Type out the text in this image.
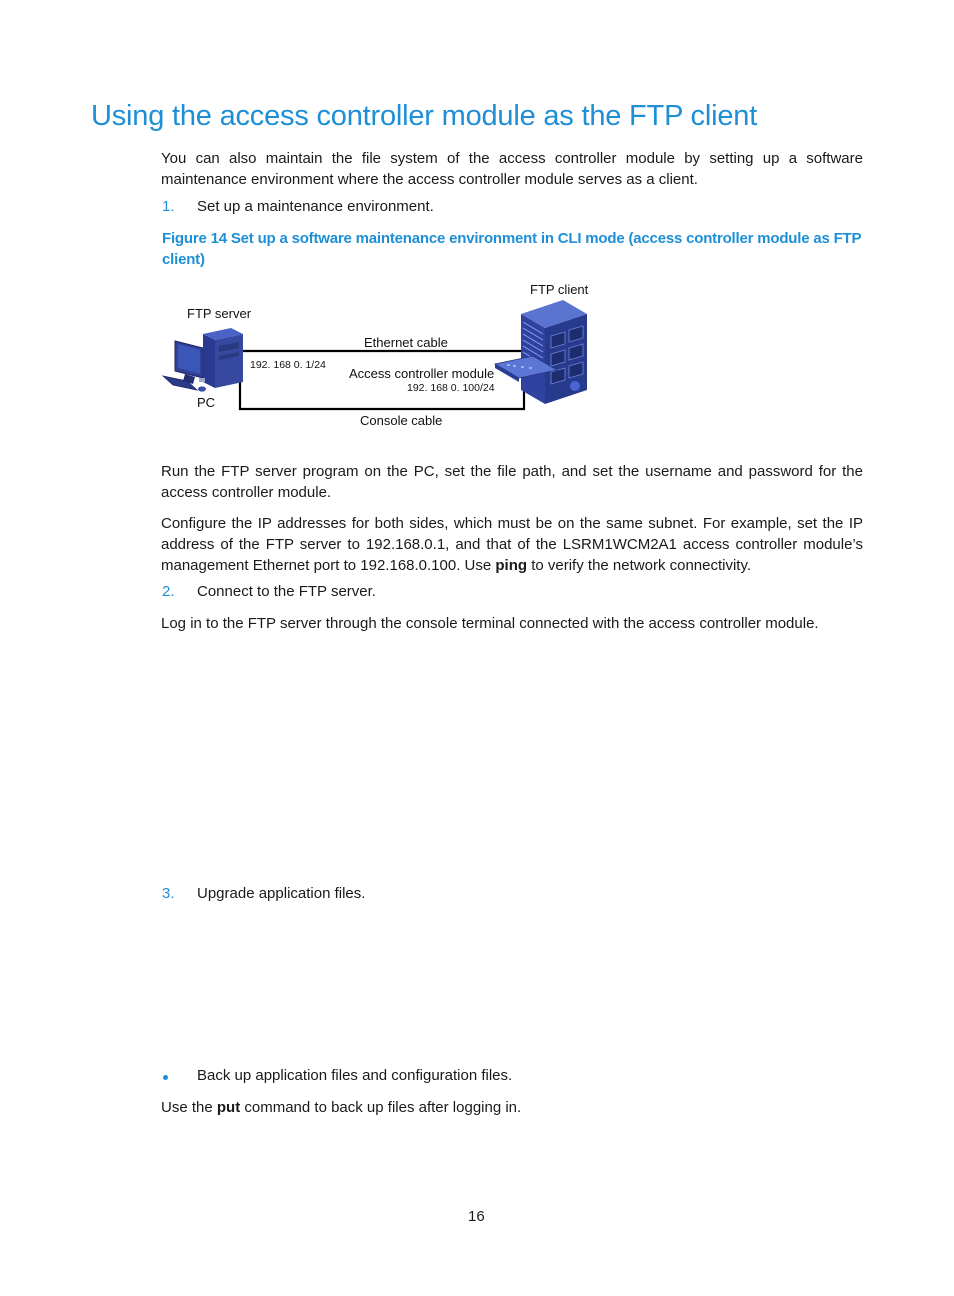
Using the access controller module as the FTP client

You can also maintain the file system of the access controller module by setting up a software maintenance environment where the access controller module serves as a client.

1. Set up a maintenance environment.

Figure 14 Set up a software maintenance environment in CLI mode (access controller module as FTP client)

FTP server
FTP client
PC
Ethernet cable
Access controller module
192. 168 0. 1/24
192. 168 0. 100/24
Console cable

Run the FTP server program on the PC, set the file path, and set the username and password for the access controller module.

Configure the IP addresses for both sides, which must be on the same subnet. For example, set the IP address of the FTP server to 192.168.0.1, and that of the LSRM1WCM2A1 access controller module’s management Ethernet port to 192.168.0.100. Use ping to verify the network connectivity.

2. Connect to the FTP server.

Log in to the FTP server through the console terminal connected with the access controller module.

3. Upgrade application files.
Back up application files and configuration files.

Use the put command to back up files after logging in.

16
